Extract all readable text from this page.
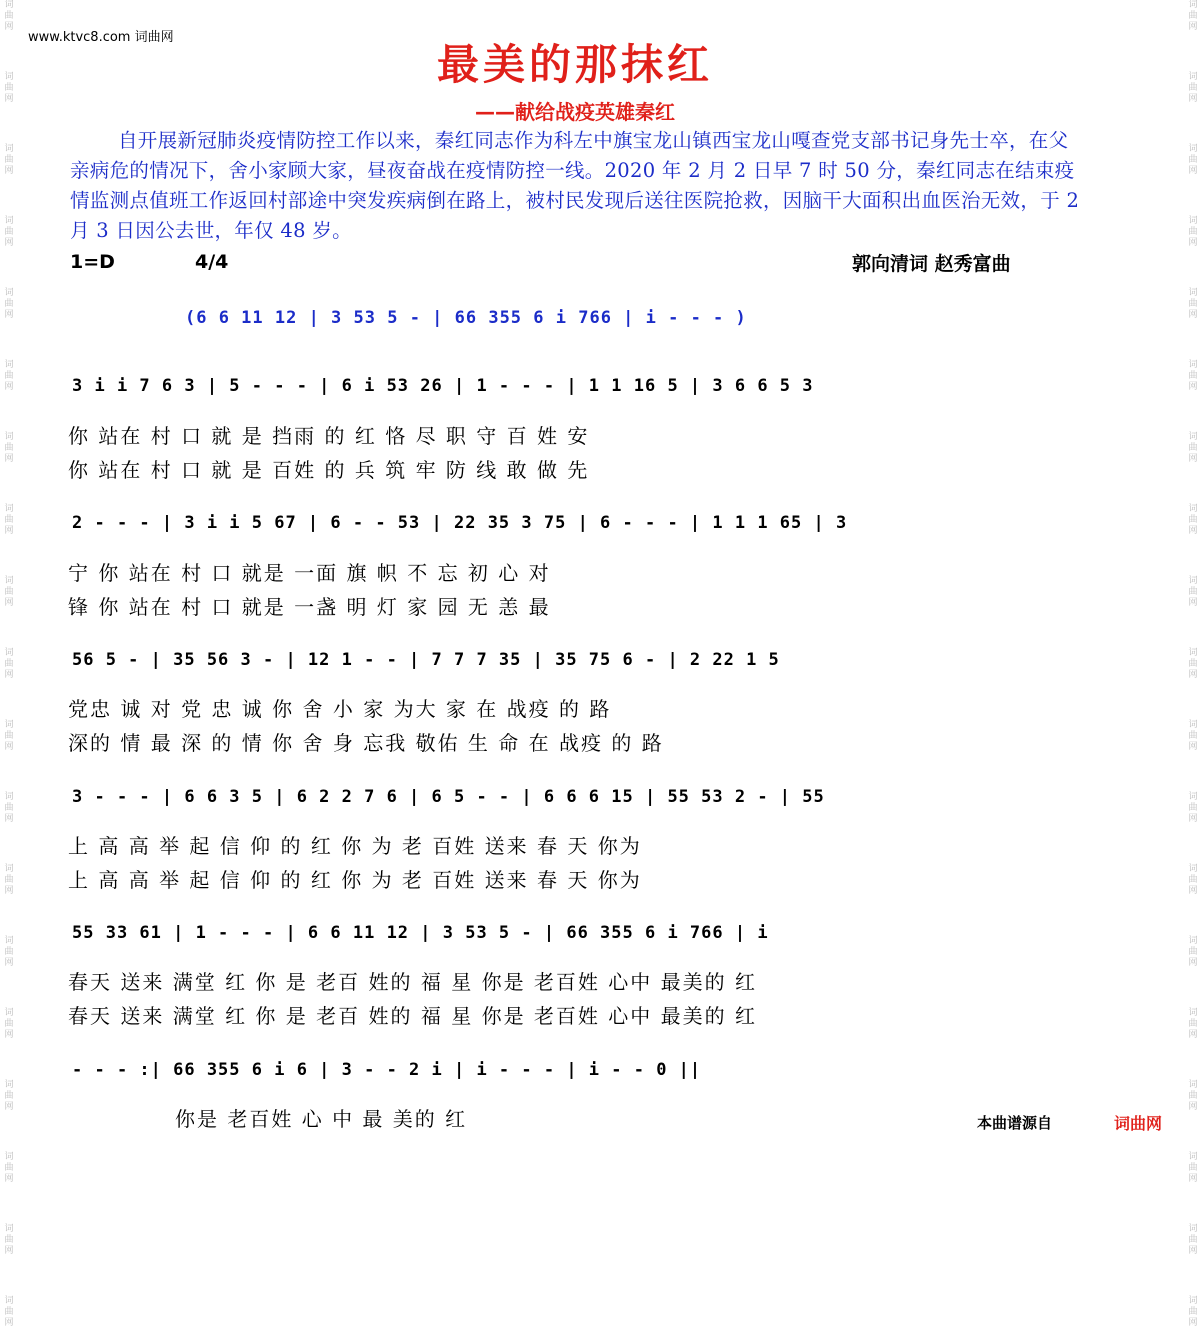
词
曲
网
词
曲
网
词
曲
网
词
曲
网
词
曲
网
词
曲
网
词
曲
网
词
曲
网
词
曲
网
词
曲
网
词
曲
网
词
曲
网
词
曲
网
词
曲
网
词
曲
网
词
曲
网
词
曲
网
词
曲
网
词
曲
网
词
曲
网
词
曲
网
词
曲
网
词
曲
网
词
曲
网
词
曲
网
词
曲
网
词
曲
网
词
曲
网
词
曲
网
词
曲
网
词
曲
网
词
曲
网
词
曲
网
词
曲
网
词
曲
网
词
曲
网
词
曲
网
词
曲
网
www.ktvc8.com 词曲网
最美的那抹红
——献给战疫英雄秦红
自开展新冠肺炎疫情防控工作以来，秦红同志作为科左中旗宝龙山镇西宝龙山嘎查党支部书记身先士卒，在父亲病危的情况下，舍小家顾大家，昼夜奋战在疫情防控一线。2020 年 2 月 2 日早 7 时 50 分，秦红同志在结束疫情监测点值班工作返回村部途中突发疾病倒在路上，被村民发现后送往医院抢救，因脑干大面积出血医治无效，于 2 月 3 日因公去世，年仅 48 岁。
1=D	4/4	郭向清词 赵秀富曲
(6 6 11 12 | 3 53 5 - | 66 355 6 i 766 | i - - - )
3 i i 7 6 3 | 5 - - - | 6 i 53 26 | 1 - - - | 1 1 16 5 | 3 6 6 5 3
你 站在 村 口 就 是 挡雨 的 红 恪 尽 职 守 百 姓 安
你 站在 村 口 就 是 百姓 的 兵 筑 牢 防 线 敢 做 先
2 - - - | 3 i i 5 67 | 6 - - 53 | 22 35 3 75 | 6 - - - | 1 1 1 65 | 3
宁 你 站在 村 口 就是 一面 旗 帜 不 忘 初 心 对
锋 你 站在 村 口 就是 一盏 明 灯 家 园 无 恙 最
56 5 - | 35 56 3 - | 12 1 - - | 7 7 7 35 | 35 75 6 - | 2 22 1 5
党忠 诚 对 党 忠 诚 你 舍 小 家 为大 家 在 战疫 的 路
深的 情 最 深 的 情 你 舍 身 忘我 敬佑 生 命 在 战疫 的 路
3 - - - | 6 6 3 5 | 6 2 2 7 6 | 6 5 - - | 6 6 6 15 | 55 53 2 - | 55
上 高 高 举 起 信 仰 的 红 你 为 老 百姓 送来 春 天 你为
上 高 高 举 起 信 仰 的 红 你 为 老 百姓 送来 春 天 你为
55 33 61 | 1 - - - | 6 6 11 12 | 3 53 5 - | 66 355 6 i 766 | i
春天 送来 满堂 红 你 是 老百 姓的 福 星 你是 老百姓 心中 最美的 红
春天 送来 满堂 红 你 是 老百 姓的 福 星 你是 老百姓 心中 最美的 红
- - - :| 66 355 6 i 6 | 3 - - 2 i | i - - - | i - - 0 ||
你是 老百姓 心 中 最 美的 红	本曲谱源自	词曲网
